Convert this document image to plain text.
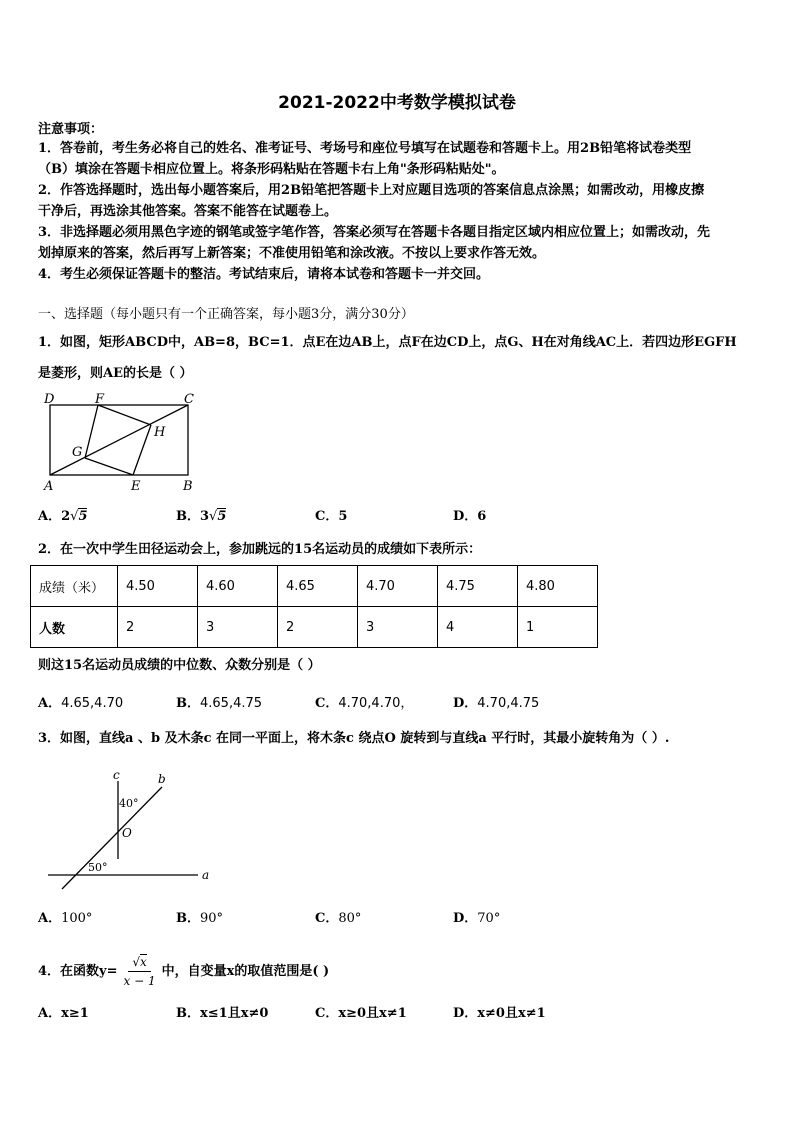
2021-2022中考数学模拟试卷
注意事项：
1．答卷前，考生务必将自己的姓名、准考证号、考场号和座位号填写在试题卷和答题卡上。用2B铅笔将试卷类型
（B）填涂在答题卡相应位置上。将条形码粘贴在答题卡右上角"条形码粘贴处"。
2．作答选择题时，选出每小题答案后，用2B铅笔把答题卡上对应题目选项的答案信息点涂黑；如需改动，用橡皮擦
干净后，再选涂其他答案。答案不能答在试题卷上。
3．非选择题必须用黑色字迹的钢笔或签字笔作答，答案必须写在答题卡各题目指定区域内相应位置上；如需改动，先
划掉原来的答案，然后再写上新答案；不准使用铅笔和涂改液。不按以上要求作答无效。
4．考生必须保证答题卡的整洁。考试结束后，请将本试卷和答题卡一并交回。
一、选择题（每小题只有一个正确答案，每小题3分，满分30分）
1．如图，矩形ABCD中，AB=8，BC=1．点E在边AB上，点F在边CD上，点G、H在对角线AC上．若四边形EGFH
是菱形，则AE的长是（ ）
D	F	C
H
G
A	E	B
A．2√5	B．3√5	C．5	D．6
2．在一次中学生田径运动会上，参加跳远的15名运动员的成绩如下表所示：
成绩（米）	4.50	4.60	4.65	4.70	4.75	4.80
人数	2	3	2	3	4	1
则这15名运动员成绩的中位数、众数分别是（ ）
A．4.65,4.70	B．4.65,4.75	C．4.70,4.70，	D．4.70,4.75
3．如图，直线a 、b 及木条c 在同一平面上，将木条c 绕点O 旋转到与直线a 平行时，其最小旋转角为（ ）.
c	b
a
O
40°
50°
A．100°	B．90°	C．80°	D．70°
4．在函数$y= \frac{√x}{x - 1}$ 中，自变量x的取值范围是( )
A．x≥1	B．x≤1且x≠0	C．x≥0且x≠1	D．x≠0且x≠1
